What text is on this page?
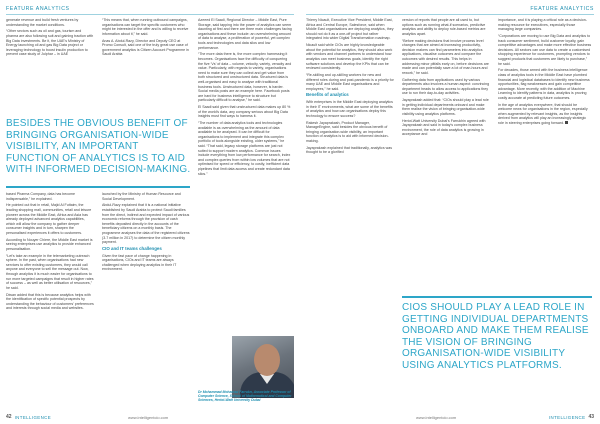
FEATURE ANALYTICS

generate revenue and build fresh ventures by understanding the market conditions.

“Other sectors such as oil and gas, tourism and pharma are also following suit and gaining traction with Big Data investments. Be it, the UAE’s Ministry of Energy launching oil and gas Big Data project or leveraging technology to boost insulin production to prevent case study of Julphar – in UAE

“This means that, when running outbound campaigns, organisations can target the specific customers who might be interested in the offer and is willing to receive information about it,” he said.

Anas A. Abdul-Razy, Director and Deputy CEO at Promo Consult, said one of the truly great use case of government analytics is Citizen Account Programme in Saudi Arabia

BESIDES THE OBVIOUS BENEFIT OF BRINGING ORGANISATION-WIDE VISIBILITY, AN IMPORTANT FUNCTION OF ANALYTICS IS TO AID WITH INFORMED DECISION-MAKING.

based Pharma Company, data has become indispensable,” he explained.

He pointed out that in retail, Majid Al Futtaim, the leading shopping mall, communities, retail and leisure pioneer across the Middle East, Africa and Asia has already deployed advanced analytics capabilities, which will allow the company to gather deeper consumer insights and in turn, sharpen the personalised experiences it offers to customers.

According to Nouyer Chiere, the Middle East market is seeing enterprises use analytics to provide enhanced personalisation.

“Let’s take an example in the telemarketing outreach sphere. In the past, when organisations had new services to offer existing customers, they would call anyone and everyone to sell the message out. Now, through analytics it is much easier for organisations to run more targeted campaigns that result in higher rates of success – as well as better utilisation of resources,” he said.

Diwan added that this is because analytics helps with the identification of specific potential prospects by understanding the behaviour of customers’ preferences and interests through social media and websites.

launched by the Ministry of Human Resource and Social Development.

Abdul-Razy explained that it is a national initiative established by Saudi Arabia to protect Saudi families from the direct, indirect and expected impact of various economic reforms through the provision of cash benefits deposited directly in the accounts of the beneficiary citizens on a monthly basis. The programme analyses the data of the registered citizens (3.7 million in 2017) to determine the citizen monthly payment.

CIO and IT teams challenges

Given the fast pace of change happening in organisations, CIOs and IT teams are always challenged when deploying analytics in their IT environment.

Azeeed El Saadi, Regional Director – Middle East, Pure Storage, said tapping into the power of analytics can seem daunting at first and there are three main challenges facing organisations and these include: an overwhelming amount of data to analyse, a proliferation of powerful, yet complex tools and technologies and data silos and low performance.

“The more data there is, the more complex harnessing it becomes. Organisations face the difficulty of conquering the five ‘Vs’ of data – volume, velocity, variety, veracity and value. Particularly, with regards to variety, organisations need to make sure they can collect and get value from both structured and unstructured data. Structured data is well-organised and easy to analyse with traditional business tools. Unstructured data, however, is harder. Social media posts are an example here. Facebook posts are hard for business intelligence to structure but particularly difficult to analyse,” he said.

El Saadi said given that unstructured data makes up 80 % of the world’s data, any company serious about Big Data insights must find ways to harness it.

“The number of data analytics tools and technologies available is as overwhelming as the amount of data available to be analysed. It can be difficult for organisations to implement and integrate this complex portfolio of tools alongside existing, older systems,” he said. “That said, legacy storage platforms are just not suited to support modern analytics. Common issues include everything from low performance for search, index and complex queries from within low volumes that are not optimised for speed or efficiency, to costly, inefficient data pipelines that limit data access and create redundant data silos.”

Dr Mohammad Mohamad Farrukn, Associate Professor of Computer Science, School of Mathematical and Computer Sciences, Heriot-Watt University Dubai
42 INTELLIGENCE	www.intelligentcio.com
FEATURE ANALYTICS

Thierry Nicault, Executive Vice President, Middle East, Africa and Central Europe, Salesforce, said when Middle East organisations are deploying analytics, they should not do it as a one-off project but rather integrated into wider Digital Transformation roadmap.

Nicault said while CIOs are highly knowledgeable about the potential for analytics, they should also work with vendors and channel partners to understand how analytics can meet business goals, identify the right software solutions and develop the KPIs that can be reviewed consistently.

“Re-skilling and up-skilling workers for new and different roles during and post-pandemic is a priority for many UAE and Middle East organisations and employees,” he said.

Benefits of analytics

With enterprises in the Middle East deploying analytics in their IT environments, what are some of the benefits of analytics and how can organisations deploy this technology to ensure success?

Rakesh Jayaprakash, Product Manager, ManageEngine, said besides the obvious benefit of bringing organisation-wide visibility, an important function of analytics is to aid with informed decision-making.

Jayaprakash explained that traditionally, analytics was thought to be a glorified

version of reports that people are all used to, but options such as running what-if scenarios, predictive analytics and ability to deploy rule-based metrics are analytics apart.

“Before making decisions that involve process level changes that are aimed at increasing productivity, decision makers can find parameters into analytics applications, visualise outcomes and compare the outcomes with desired results. This helps in addressing minor pitfalls early on, before decisions are made and can potentially save a lot of man-hours and rework,” he said.

Gathering data from applications used by various departments also involves a human aspect: convincing department heads to allow access to applications they use to run their day-to-day activities.

Jayaprakash added that: “CIOs should play a lead role in getting individual departments onboard and make them realise the vision of bringing organisation-wide visibility using analytics platforms.

Heriot-Watt University Dubai’s Farrukhin agreed with Jayaprakash and said in today’s complex business environment, the role of data analytics is growing in acceptance and

importance, and it is playing a critical role as a decision-making resource for executives, especially those managing large companies.

“Corporations are moving to use Big Data and analytics to track consumer sentiment, build customer loyalty, gain competitive advantages and make more effective business decisions. All sectors can use data to create a customised shopping experience for customers, prompting vendors to suggest products that customers are likely to purchase,” he said.

For decades, those armed with the business intelligence class of analytics tools in the Middle East have plumbed financial and logistical databases to identify new business opportunities, flag weaknesses and gain competitive advantage. More recently, with the addition of Machine Learning to identify patterns in data, analytics is proving costly accurate at predicting future outcomes.

In the age of analytics everywhere, that should be welcome news for organisations in the region, especially when augmented by relevant insights, as the insights derived from analytics will play an increasingly strategic role in steering enterprises going forward.

CIOS SHOULD PLAY A LEAD ROLE IN GETTING INDIVIDUAL DEPARTMENTS ONBOARD AND MAKE THEM REALISE THE VISION OF BRINGING ORGANISATION-WIDE VISIBILITY USING ANALYTICS PLATFORMS.
www.intelligentcio.com	INTELLIGENCE 43
